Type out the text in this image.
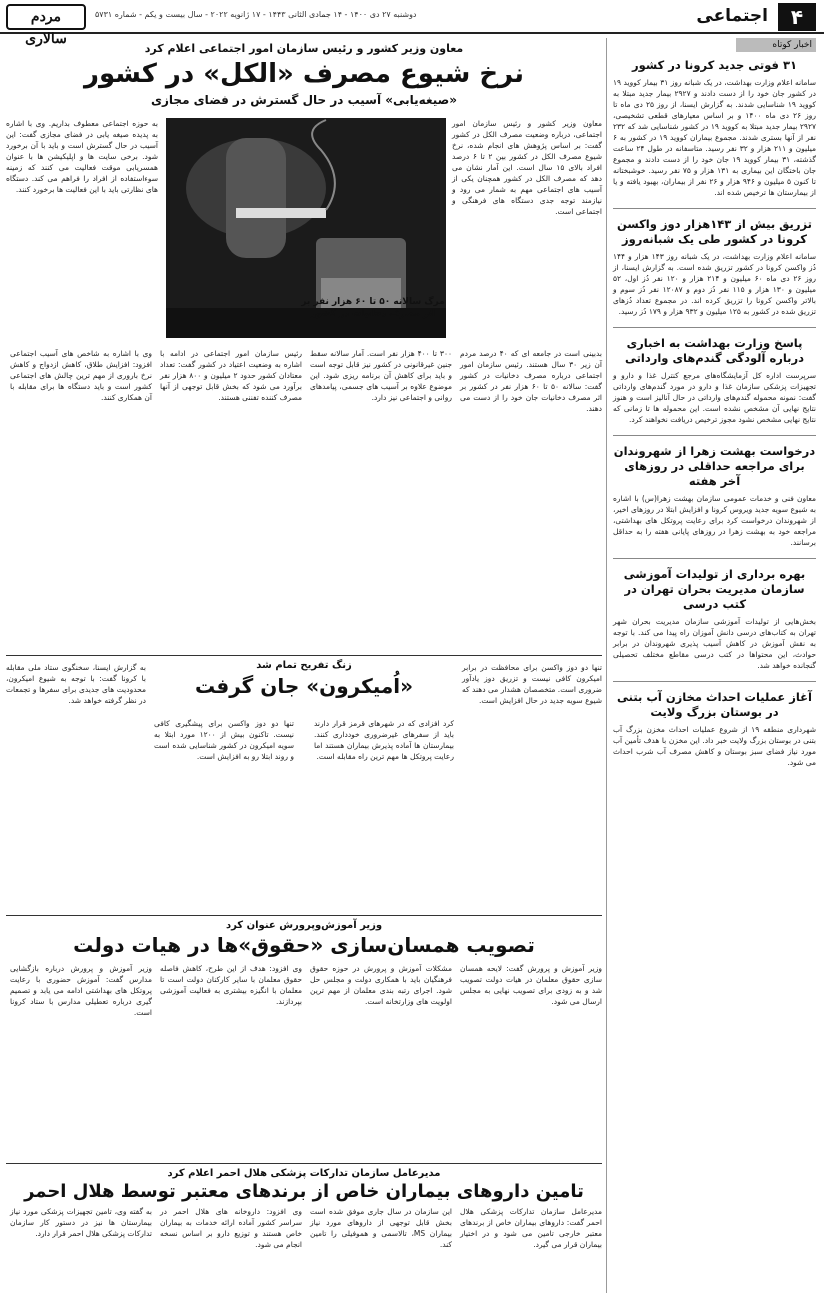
مردم سالاری
دوشنبه ۲۷ دی ۱۴۰۰ - ۱۴ جمادی الثانی ۱۴۴۳ - ۱۷ ژانویه ۲۰۲۲ - سال بیست و یکم - شماره ۵۷۳۱	اجتماعی	۴
اخبار کوتاه
۳۱ فوتی جدید کرونا در کشور
سامانه اعلام وزارت بهداشت، در یک شبانه روز ۳۱ بیمار کووید ۱۹ در کشور جان خود را از دست دادند و ۲۹۲۷ بیمار جدید مبتلا به کووید ۱۹ شناسایی شدند. به گزارش ایسنا، از روز ۲۵ دی ماه تا روز ۲۶ دی ماه ۱۴۰۰ و بر اساس معیارهای قطعی تشخیصی، ۲۹۲۷ بیمار جدید مبتلا به کووید ۱۹ در کشور شناسایی شد که ۲۳۲ نفر از آنها بستری شدند. مجموع بیماران کووید ۱۹ در کشور به ۶ میلیون و ۲۱۱ هزار و ۳۲ نفر رسید. متاسفانه در طول ۲۴ ساعت گذشته، ۳۱ بیمار کووید ۱۹ جان خود را از دست دادند و مجموع جان باختگان این بیماری به ۱۳۱ هزار و ۷۵ نفر رسید. خوشبختانه تا کنون ۵ میلیون و ۹۴۶ هزار و ۲۶ نفر از بیماران، بهبود یافته و یا از بیمارستان ها ترخیص شده اند.
تزریق بیش از ۱۴۳هزار دوز واکسن کرونا در کشور طی یک شبانه‌روز
سامانه اعلام وزارت بهداشت، در یک شبانه روز ۱۴۳ هزار و ۱۴۴ دُز واکسن کرونا در کشور تزریق شده است. به گزارش ایسنا، از روز ۲۶ دی ماه ۶۰ میلیون و ۲۱۴ هزار و ۱۲۰ نفر دُز اول، ۵۲ میلیون و ۱۳۰ هزار و ۱۱۵ نفر دُز دوم و ۱۲۰۸۷ نفر دُز سوم و بالاتر واکسن کرونا را تزریق کرده اند. در مجموع تعداد دُزهای تزریق شده در کشور به ۱۲۵ میلیون و ۹۳۲ هزار و ۱۷۹ دُز رسید.
پاسخ وزارت بهداشت به اخباری درباره آلودگی گندم‌های وارداتی
سرپرست اداره کل آزمایشگاه‌های مرجع کنترل غذا و دارو و تجهیزات پزشکی سازمان غذا و دارو در مورد گندم‌های وارداتی گفت: نمونه محموله گندم‌های وارداتی در حال آنالیز است و هنوز نتایج نهایی آن مشخص نشده است. این محموله ها تا زمانی که نتایج نهایی مشخص نشود مجوز ترخیص دریافت نخواهند کرد.
درخواست بهشت زهرا از شهروندان برای مراجعه حداقلی در روزهای آخر هفته
معاون فنی و خدمات عمومی سازمان بهشت زهرا(س) با اشاره به شیوع سویه جدید ویروس کرونا و افزایش ابتلا در روزهای اخیر، از شهروندان درخواست کرد برای رعایت پروتکل های بهداشتی، مراجعه خود به بهشت زهرا در روزهای پایانی هفته را به حداقل برسانند.
بهره برداری از تولیدات آموزشی سازمان مدیریت بحران تهران در کتب درسی
بخش‌هایی از تولیدات آموزشی سازمان مدیریت بحران شهر تهران به کتاب‌های درسی دانش آموزان راه پیدا می کند. با توجه به نقش آموزش در کاهش آسیب پذیری شهروندان در برابر حوادث، این محتواها در کتب درسی مقاطع مختلف تحصیلی گنجانده خواهد شد.
آغاز عملیات احداث مخازن آب بتنی در بوستان بزرگ ولایت
شهرداری منطقه ۱۹ از شروع عملیات احداث مخزن بزرگ آب بتنی در بوستان بزرگ ولایت خبر داد. این مخزن با هدف تأمین آب مورد نیاز فضای سبز بوستان و کاهش مصرف آب شرب احداث می شود.
معاون وزیر کشور و رئیس سازمان امور اجتماعی اعلام کرد
نرخ شیوع مصرف «الکل» در کشور
«صیغه‌یابی» آسیب در حال گسترش در فضای مجازی
معاون وزیر کشور و رئیس سازمان امور اجتماعی، درباره وضعیت مصرف الکل در کشور گفت: بر اساس پژوهش های انجام شده، نرخ شیوع مصرف الکل در کشور بین ۲ تا ۶ درصد افراد بالای ۱۵ سال است. این آمار نشان می دهد که مصرف الکل در کشور همچنان یکی از آسیب های اجتماعی مهم به شمار می رود و نیازمند توجه جدی دستگاه های فرهنگی و اجتماعی است.
مرگ سالانه ۵۰ تا ۶۰ هزار نفر بر اثر مصرف دخانیات در کشور
به حوزه اجتماعی معطوف بداریم. وی با اشاره به پدیده صیغه یابی در فضای مجازی گفت: این آسیب در حال گسترش است و باید با آن برخورد شود. برخی سایت ها و اپلیکیشن ها با عنوان همسریابی موقت فعالیت می کنند که زمینه سوءاستفاده از افراد را فراهم می کند. دستگاه های نظارتی باید با این فعالیت ها برخورد کنند.
بدبینی است در جامعه ای که ۴۰ درصد مردم آن زیر ۳۰ سال هستند. رئیس سازمان امور اجتماعی درباره مصرف دخانیات در کشور گفت: سالانه ۵۰ تا ۶۰ هزار نفر در کشور بر اثر مصرف دخانیات جان خود را از دست می دهند.
۳۰۰ تا ۴۰۰ هزار نفر است. آمار سالانه سقط جنین غیرقانونی در کشور نیز قابل توجه است و باید برای کاهش آن برنامه ریزی شود. این موضوع علاوه بر آسیب های جسمی، پیامدهای روانی و اجتماعی نیز دارد.
رئیس سازمان امور اجتماعی در ادامه با اشاره به وضعیت اعتیاد در کشور گفت: تعداد معتادان کشور حدود ۲ میلیون و ۸۰۰ هزار نفر برآورد می شود که بخش قابل توجهی از آنها مصرف کننده تفننی هستند.
وی با اشاره به شاخص های آسیب اجتماعی افزود: افزایش طلاق، کاهش ازدواج و کاهش نرخ باروری از مهم ترین چالش های اجتماعی کشور است و باید دستگاه ها برای مقابله با آن همکاری کنند.
تنها دو دوز واکسن برای محافظت در برابر امیکرون کافی نیست و تزریق دوز یادآور ضروری است. متخصصان هشدار می دهند که شیوع سویه جدید در حال افزایش است.
کرد افزادی که در شهرهای قرمز قرار دارند باید از سفرهای غیرضروری خودداری کنند. بیمارستان ها آماده پذیرش بیماران هستند اما رعایت پروتکل ها مهم ترین راه مقابله است.
زنگ تفریح تمام شد
«اُمیکرون» جان گرفت
تنها دو دوز واکسن برای پیشگیری کافی نیست. تاکنون بیش از ۱۲۰۰ مورد ابتلا به سویه امیکرون در کشور شناسایی شده است و روند ابتلا رو به افزایش است.
به گزارش ایسنا، سخنگوی ستاد ملی مقابله با کرونا گفت: با توجه به شیوع امیکرون، محدودیت های جدیدی برای سفرها و تجمعات در نظر گرفته خواهد شد.
وزیر آموزش‌وپرورش عنوان کرد
تصویب همسان‌سازی «حقوق»ها در هیات دولت
وزیر آموزش و پرورش گفت: لایحه همسان سازی حقوق معلمان در هیات دولت تصویب شد و به زودی برای تصویب نهایی به مجلس ارسال می شود.
مشکلات آموزش و پرورش در حوزه حقوق فرهنگیان باید با همکاری دولت و مجلس حل شود. اجرای رتبه بندی معلمان از مهم ترین اولویت های وزارتخانه است.
وی افزود: هدف از این طرح، کاهش فاصله حقوق معلمان با سایر کارکنان دولت است تا معلمان با انگیزه بیشتری به فعالیت آموزشی بپردازند.
وزیر آموزش و پرورش درباره بازگشایی مدارس گفت: آموزش حضوری با رعایت پروتکل های بهداشتی ادامه می یابد و تصمیم گیری درباره تعطیلی مدارس با ستاد کرونا است.
مدیرعامل سازمان تدارکات پزشکی هلال احمر اعلام کرد
تامین داروهای بیماران خاص از برندهای معتبر توسط هلال احمر
مدیرعامل سازمان تدارکات پزشکی هلال احمر گفت: داروهای بیماران خاص از برندهای معتبر خارجی تامین می شود و در اختیار بیماران قرار می گیرد.
این سازمان در سال جاری موفق شده است بخش قابل توجهی از داروهای مورد نیاز بیماران MS، تالاسمی و هموفیلی را تامین کند.
وی افزود: داروخانه های هلال احمر در سراسر کشور آماده ارائه خدمات به بیماران خاص هستند و توزیع دارو بر اساس نسخه انجام می شود.
به گفته وی، تامین تجهیزات پزشکی مورد نیاز بیمارستان ها نیز در دستور کار سازمان تدارکات پزشکی هلال احمر قرار دارد.
